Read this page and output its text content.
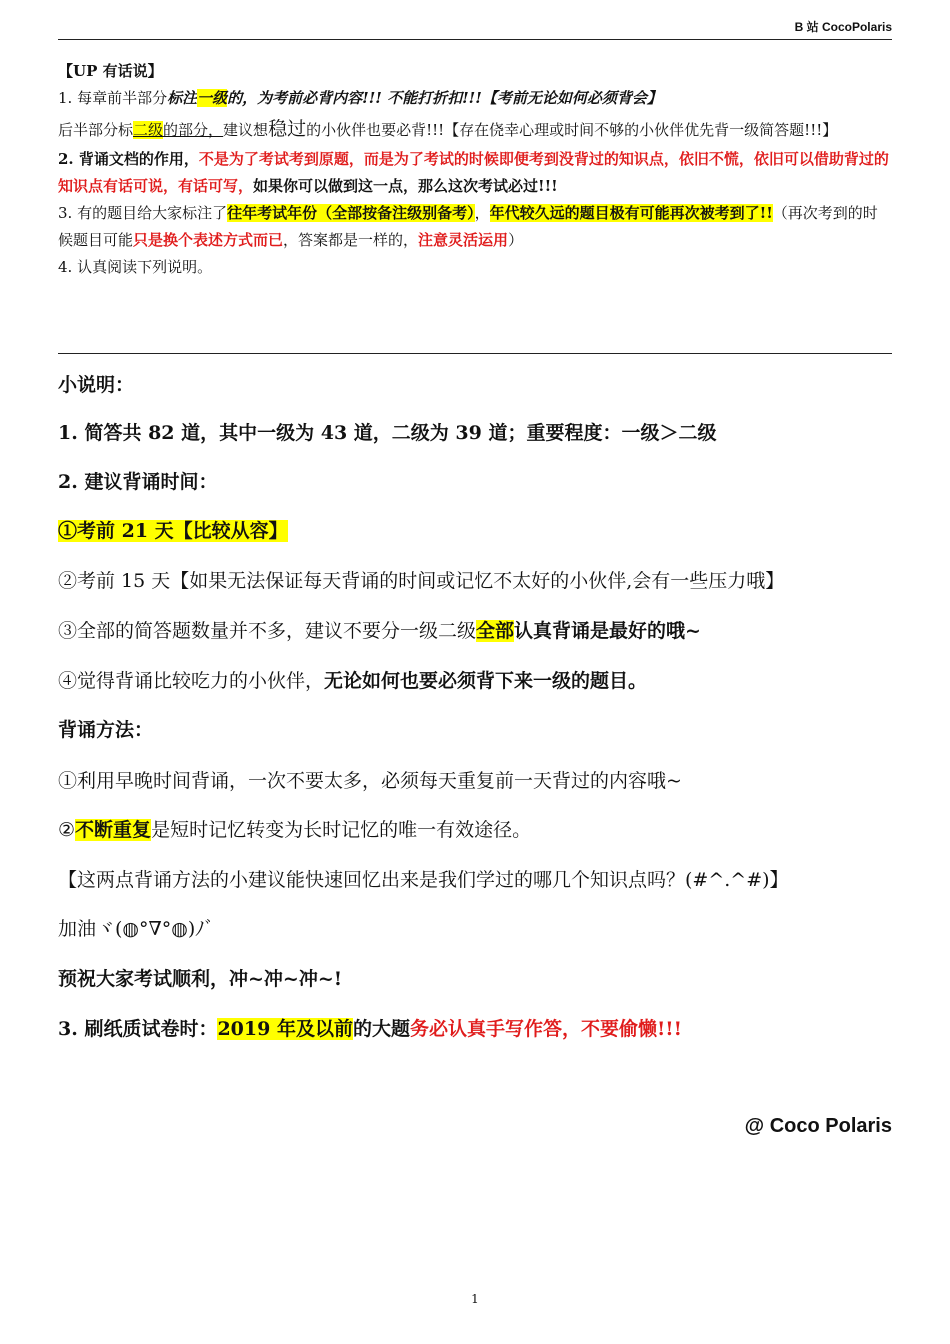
B 站 CocoPolaris

【UP 有话说】

1. 每章前半部分标注一级的，为考前必背内容!!! 不能打折扣!!!【考前无论如何必须背会】

后半部分标二级的部分，建议想稳过的小伙伴也要必背!!!【存在侥幸心理或时间不够的小伙伴优先背一级简答题!!!】

2. 背诵文档的作用，不是为了考试考到原题，而是为了考试的时候即便考到没背过的知识点，依旧不慌，依旧可以借助背过的知识点有话可说，有话可写，如果你可以做到这一点，那么这次考试必过!!!

3. 有的题目给大家标注了往年考试年份（全部按备注级别备考），年代较久远的题目极有可能再次被考到了!!（再次考到的时候题目可能只是换个表述方式而已，答案都是一样的，注意灵活运用）

4. 认真阅读下列说明。

小说明：

1. 简答共 82 道，其中一级为 43 道，二级为 39 道；重要程度：一级＞二级

2. 建议背诵时间：

①考前 21 天【比较从容】

②考前 15 天【如果无法保证每天背诵的时间或记忆不太好的小伙伴,会有一些压力哦】

③全部的简答题数量并不多，建议不要分一级二级全部认真背诵是最好的哦~

④觉得背诵比较吃力的小伙伴，无论如何也要必须背下来一级的题目。

背诵方法：

①利用早晚时间背诵，一次不要太多，必须每天重复前一天背过的内容哦~

②不断重复是短时记忆转变为长时记忆的唯一有效途径。

【这两点背诵方法的小建议能快速回忆出来是我们学过的哪几个知识点吗？(#^.^#)】

加油ヾ(◍°∇°◍)ﾉﾞ

预祝大家考试顺利，冲~冲~冲~!

3. 刷纸质试卷时：2019 年及以前的大题务必认真手写作答，不要偷懒!!!

@ Coco Polaris
1
